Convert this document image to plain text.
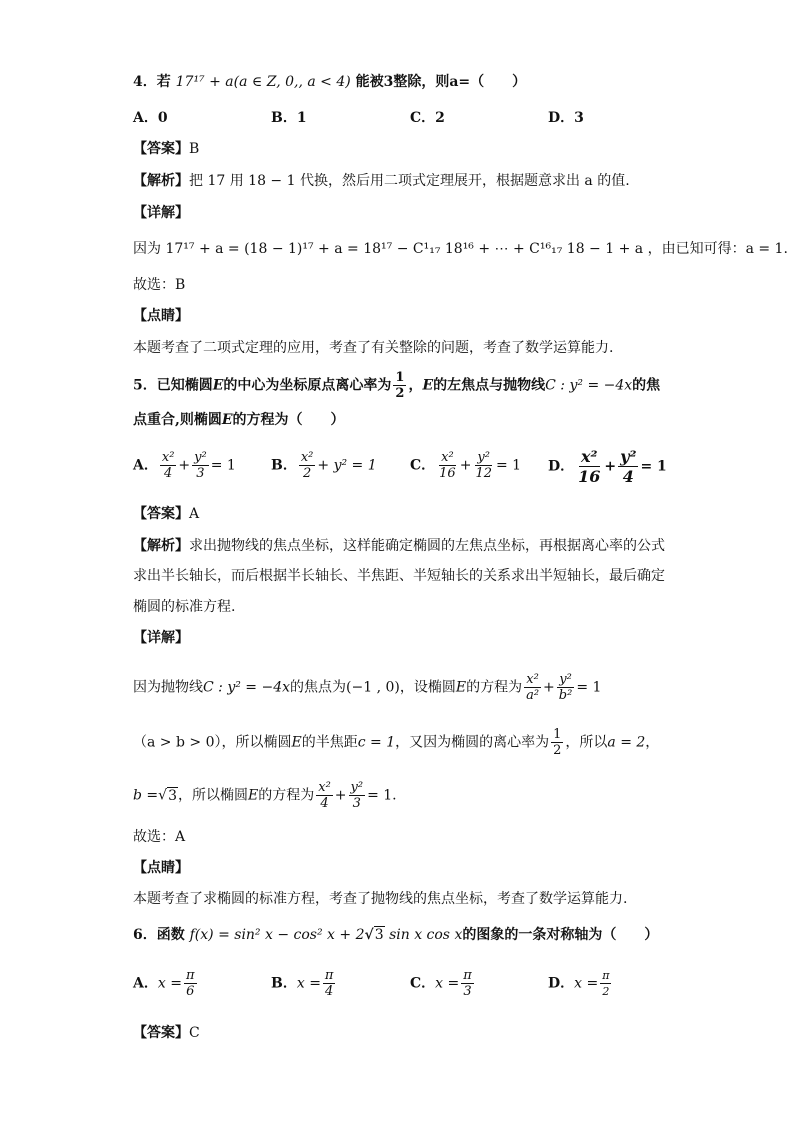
4．若 17¹⁷ + a(a ∈ Z, 0,, a < 4) 能被3整除，则a=（　　）
A．0	B．1	C．2	D．3
【答案】B
【解析】把 17 用 18 − 1 代换，然后用二项式定理展开，根据题意求出 a 的值.
【详解】
因为 17¹⁷ + a = (18 − 1)¹⁷ + a = 18¹⁷ − C¹₁₇ 18¹⁶ + ⋯ + C¹⁶₁₇ 18 − 1 + a ，由已知可得：a = 1.
故选：B
【点睛】
本题考查了二项式定理的应用，考查了有关整除的问题，考查了数学运算能力.
5．已知椭圆E的中心为坐标原点离心率为 $\frac{1}{2}$ ，E的左焦点与抛物线C : y² = −4x的焦
点重合,则椭圆E的方程为（　　）
A． $\frac{\text{x²}}{4} + \frac{\text{y²}}{3} = 1$	B． $\frac{\text{x²}}{2} + y^2 = 1$ C． $\frac{\text{x²}}{16} + \frac{\text{y²}}{12} = 1$ D． $\frac{\text{x²}}{16} + \frac{\text{y²}}{4} = 1$
【答案】A
【解析】求出抛物线的焦点坐标，这样能确定椭圆的左焦点坐标，再根据离心率的公式
求出半长轴长，而后根据半长轴长、半焦距、半短轴长的关系求出半短轴长，最后确定
椭圆的标准方程.
【详解】
因为抛物线C : y² = −4x的焦点为(−1 , 0)，设椭圆E的方程为 $\frac{\text{x²}}{\text{a²}} + \frac{\text{y²}}{\text{b²}} = 1$
（a > b > 0），所以椭圆E的半焦距c = 1，又因为椭圆的离心率为 $\frac{1}{2}$ ，所以a = 2，
b =√3，所以椭圆E的方程为 $\frac{\text{x²}}{4} + \frac{\text{y²}}{3} = 1$.
故选：A
【点睛】
本题考查了求椭圆的标准方程，考查了抛物线的焦点坐标，考查了数学运算能力.
6．函数 f(x) = sin² x − cos² x + 2√3 sin x cos x的图象的一条对称轴为（　　）
A．$x = \frac{\pi}{6}$	B．$x = \frac{\pi}{4}$	C．$x = \frac{\pi}{3}$	D．$x = \frac{\pi}{2}$
【答案】C
